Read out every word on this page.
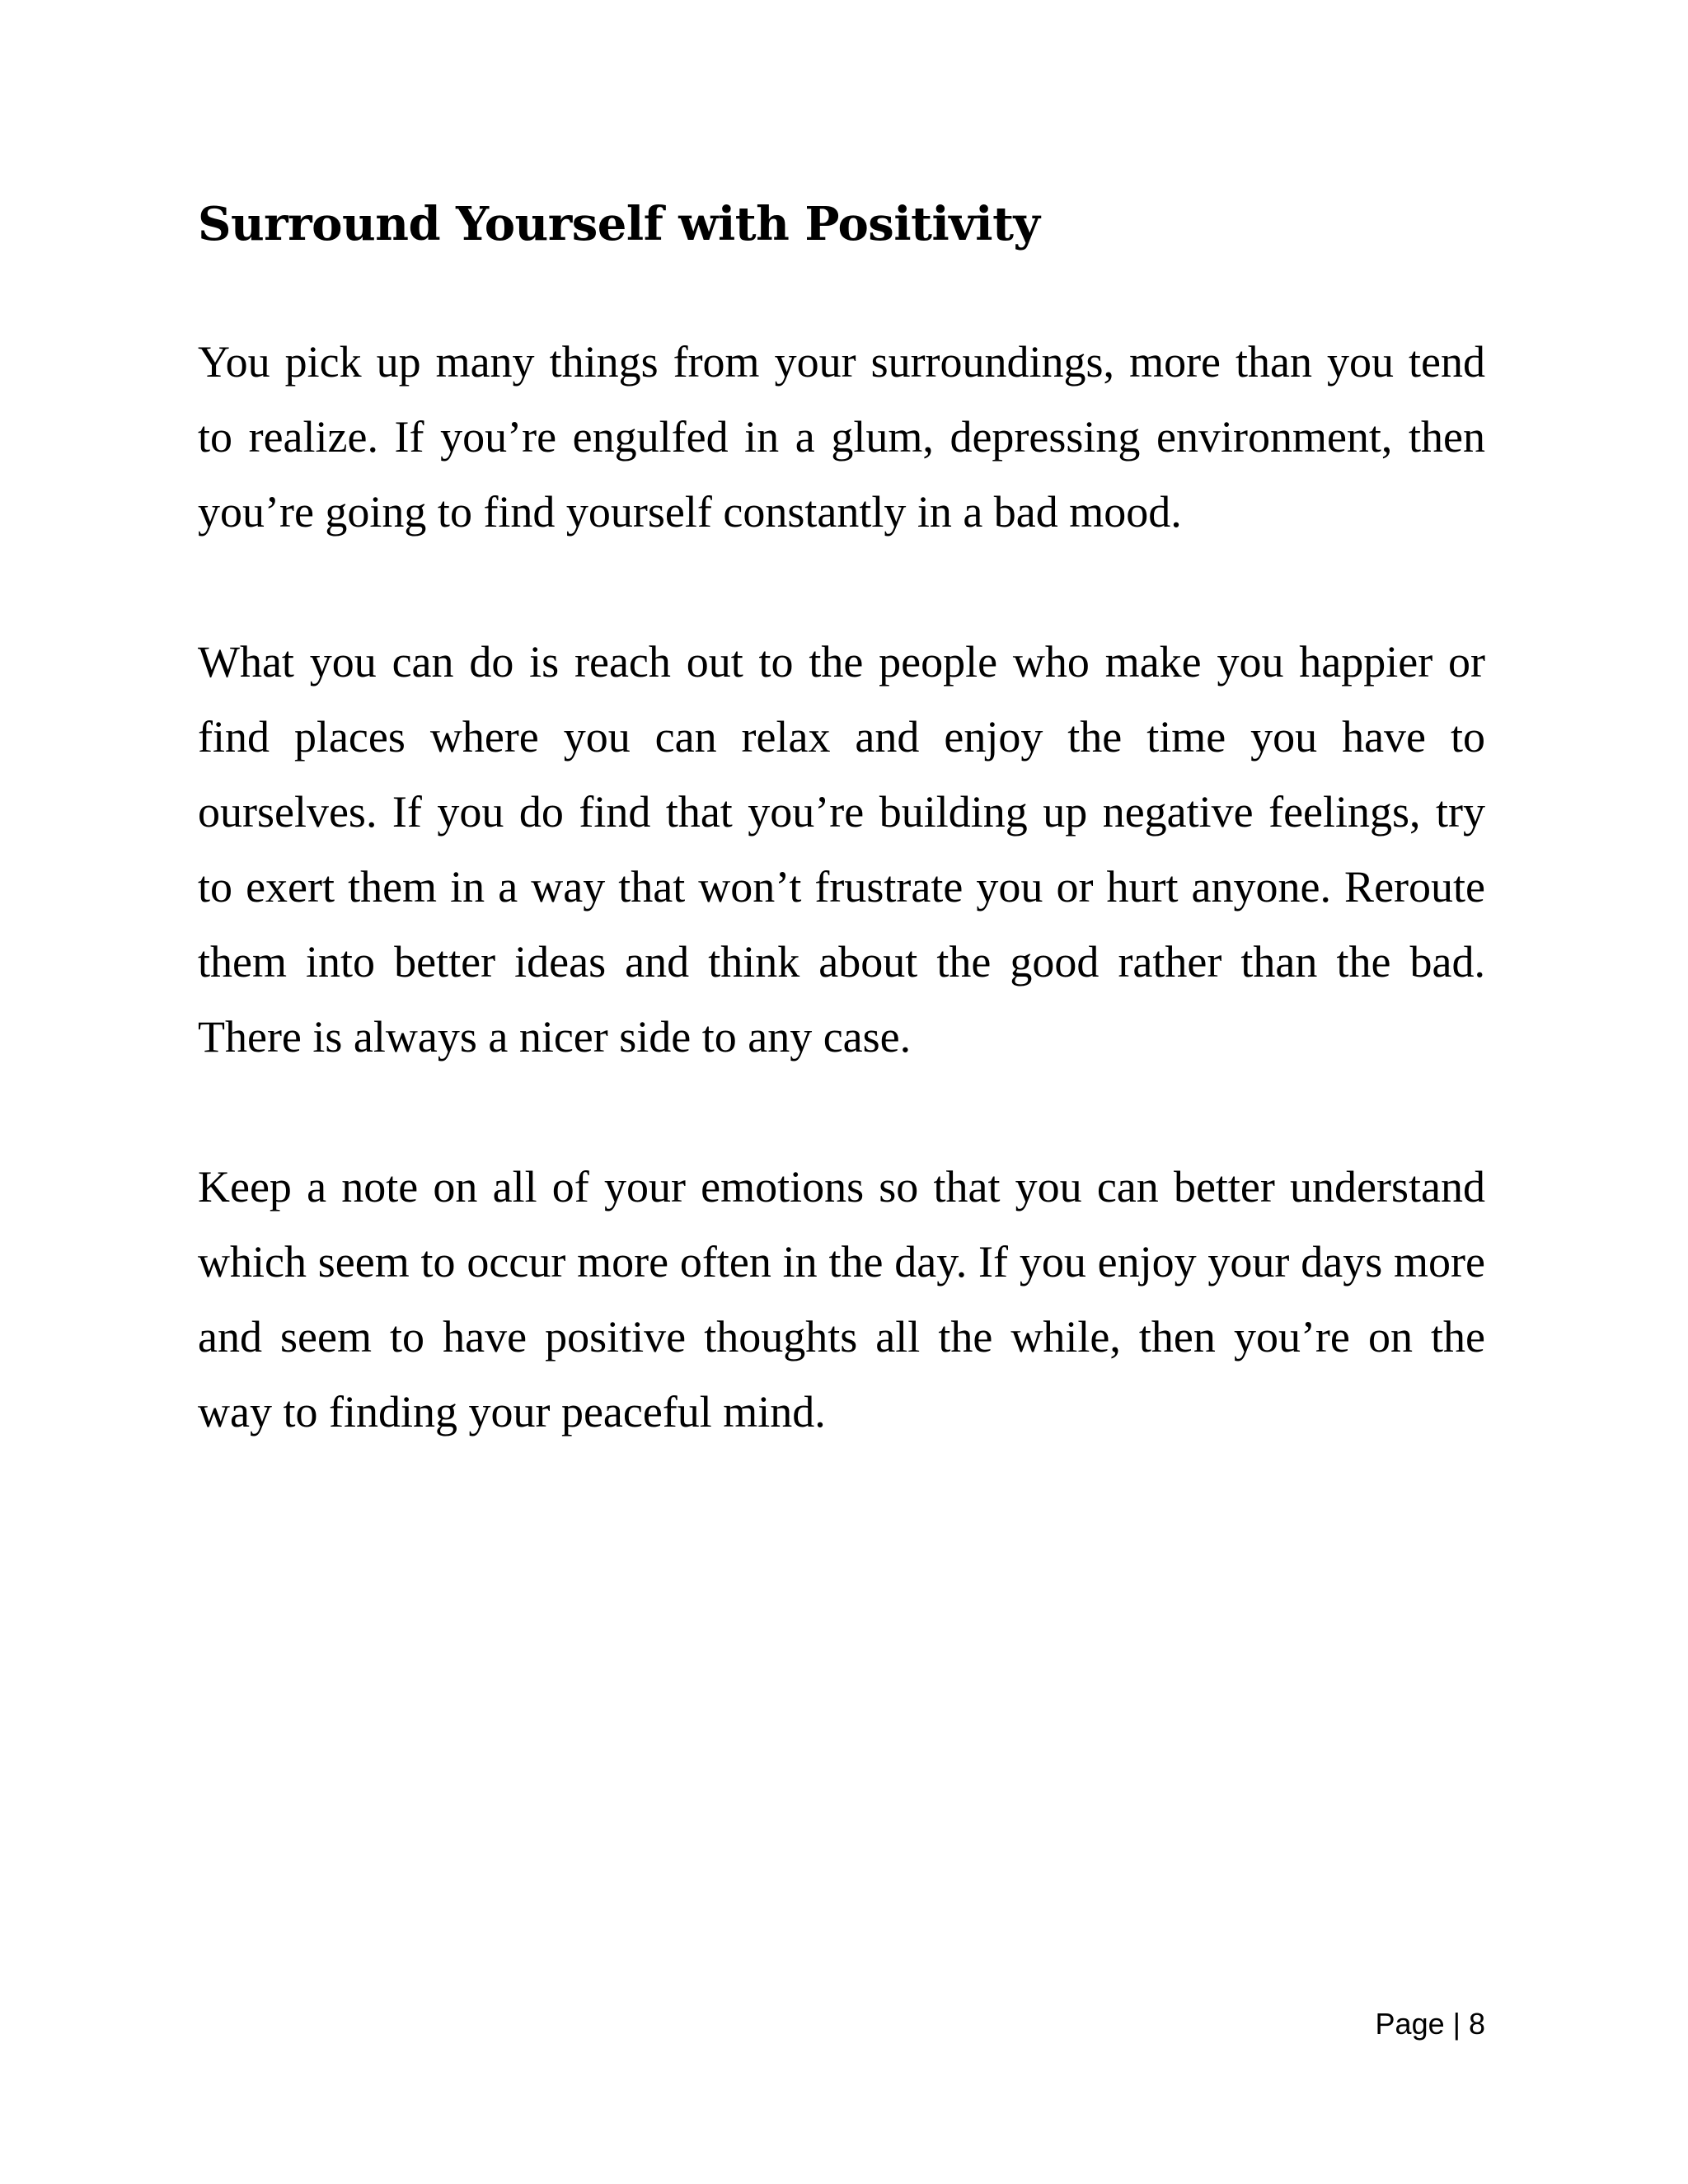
Surround Yourself with Positivity

You pick up many things from your surroundings, more than you tend to realize. If you’re engulfed in a glum, depressing environment, then you’re going to find yourself constantly in a bad mood.

What you can do is reach out to the people who make you happier or find places where you can relax and enjoy the time you have to ourselves. If you do find that you’re building up negative feelings, try to exert them in a way that won’t frustrate you or hurt anyone. Reroute them into better ideas and think about the good rather than the bad. There is always a nicer side to any case.

Keep a note on all of your emotions so that you can better understand which seem to occur more often in the day. If you enjoy your days more and seem to have positive thoughts all the while, then you’re on the way to finding your peaceful mind.

Page | 8
